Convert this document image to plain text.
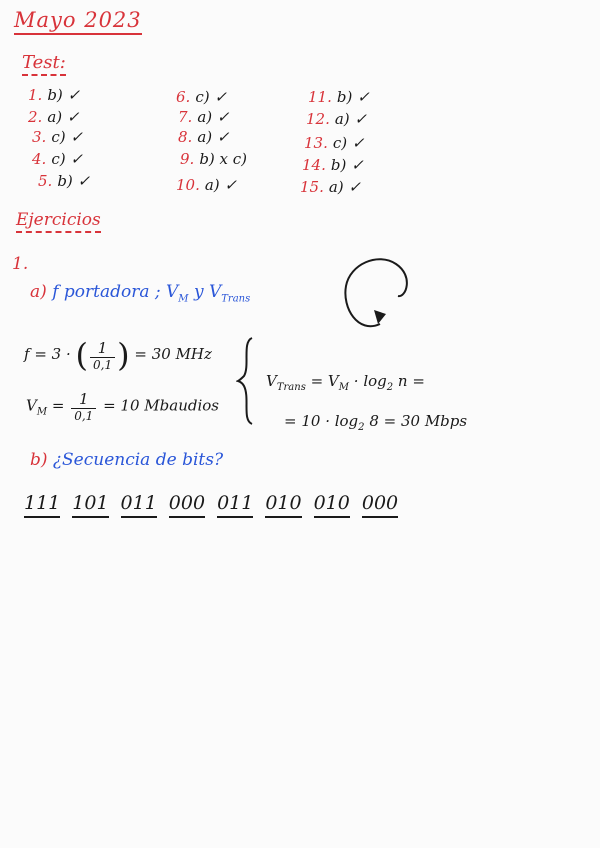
Mayo 2023
Test:
1. b) ✓
2. a) ✓
3. c) ✓
4. c) ✓
5. b) ✓
6. c) ✓
7. a) ✓
8. a) ✓
9. b) x c)
10. a) ✓
11. b) ✓
12. a) ✓
13. c) ✓
14. b) ✓
15. a) ✓
Ejercicios
1.
a) f portadora ; $V_M$ y $V_{Trans}$
f = 3 · ( $\frac{1}{0,1}$ ) = 30 MHz
$V_M = \frac{1}{0,1} = 10$ Mbaudios
$V_{Trans} = V_M \cdot \log_2 n$ =
= $10 \cdot \log_2 8 = 30$ Mbps
b) ¿Secuencia de bits?
111 101 011 000 011 010 010 000
